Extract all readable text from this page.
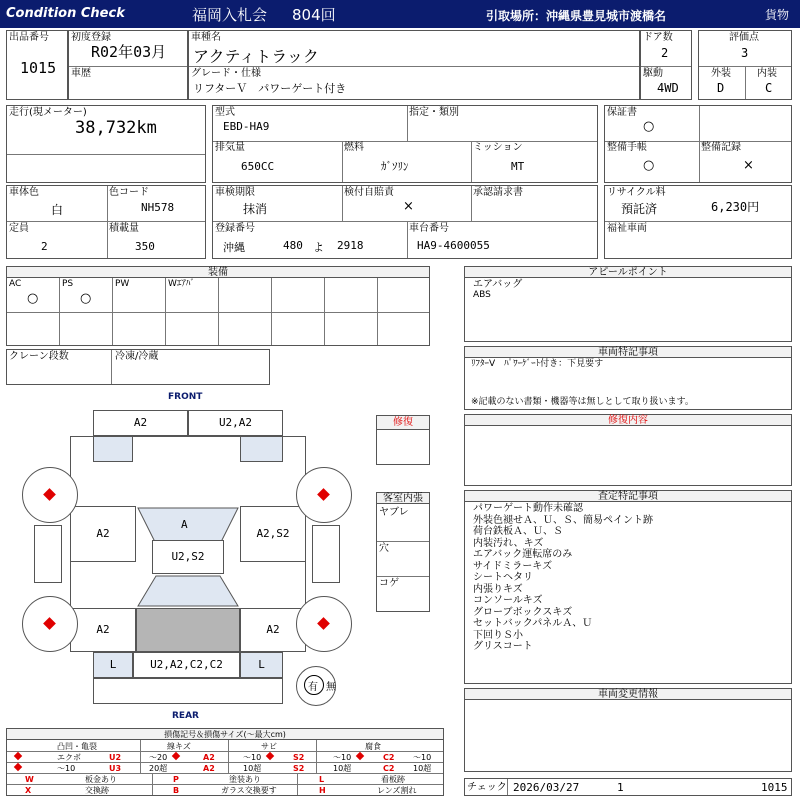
Condition Check	福岡入札会 804回	引取場所：沖縄県豊見城市渡橋名	貨物
出品番号
1015
初度登録
R02年03月
車歴
車種名
アクティトラック
グレード・仕様
リフターＶ　パワーゲート付き
ドア数
2
駆動
4WD
評価点
3
外装
D
内装
C
走行(現メーター)
38,732km
型式
EBD-HA9
指定・類別
排気量
650CC
燃料
ｶﾞｿﾘﾝ
ミッション
MT
保証書
○
整備手帳
○
整備記録
×
車体色
白
色コード
NH578
定員
2
積載量
350
車検期限
抹消
検付自賠責
×
承認請求書
登録番号
沖縄	480 よ 2918
車台番号
HA9-4600055
リサイクル料
預託済	6,230円
福祉車両
装備
AC
○
PS
○
PW	Wｴｱﾊﾞ
クレーン段数	冷凍/冷蔵
アピールポイント
エアバッグ
ABS
車両特記事項
ﾘﾌﾀｰV　ﾊﾟﾜｰｹﾞｰﾄ付き：下見要す
※記載のない書類・機器等は無しとして取り扱います。
修復内容
査定特記事項
パワーゲート動作未確認
外装色褪せＡ、Ｕ、Ｓ、簡易ペイント跡
荷台鉄板Ａ、Ｕ、Ｓ
内装汚れ、キズ
エアバック運転席のみ
サイドミラーキズ
シートヘタリ
内張りキズ
コンソールキズ
グローブボックスキズ
セットバックパネルＡ、Ｕ
下回りＳ小
グリスコート
車両変更情報
チェック 2026/03/27	1	1015
修復
客室内張
ヤブレ
穴
コゲ
FRONT
REAR
A2	U2,A2
A2	A2,S2
A
U2,S2
A2	A2
L	U2,A2,C2,C2	L
有 無
損傷記号＆損傷サイズ(〜最大cm)
凸凹・亀裂	線キズ	サビ	腐食
エクボ	U2	〜20	A2	〜10	S2	〜10	C2 〜10
〜10	U3	20超	A2	10超	S2	10超	C2 10超
W	板金あり	P	塗装あり	L	看板跡
X	交換跡	B	ガラス交換要す	H	レンズ割れ
